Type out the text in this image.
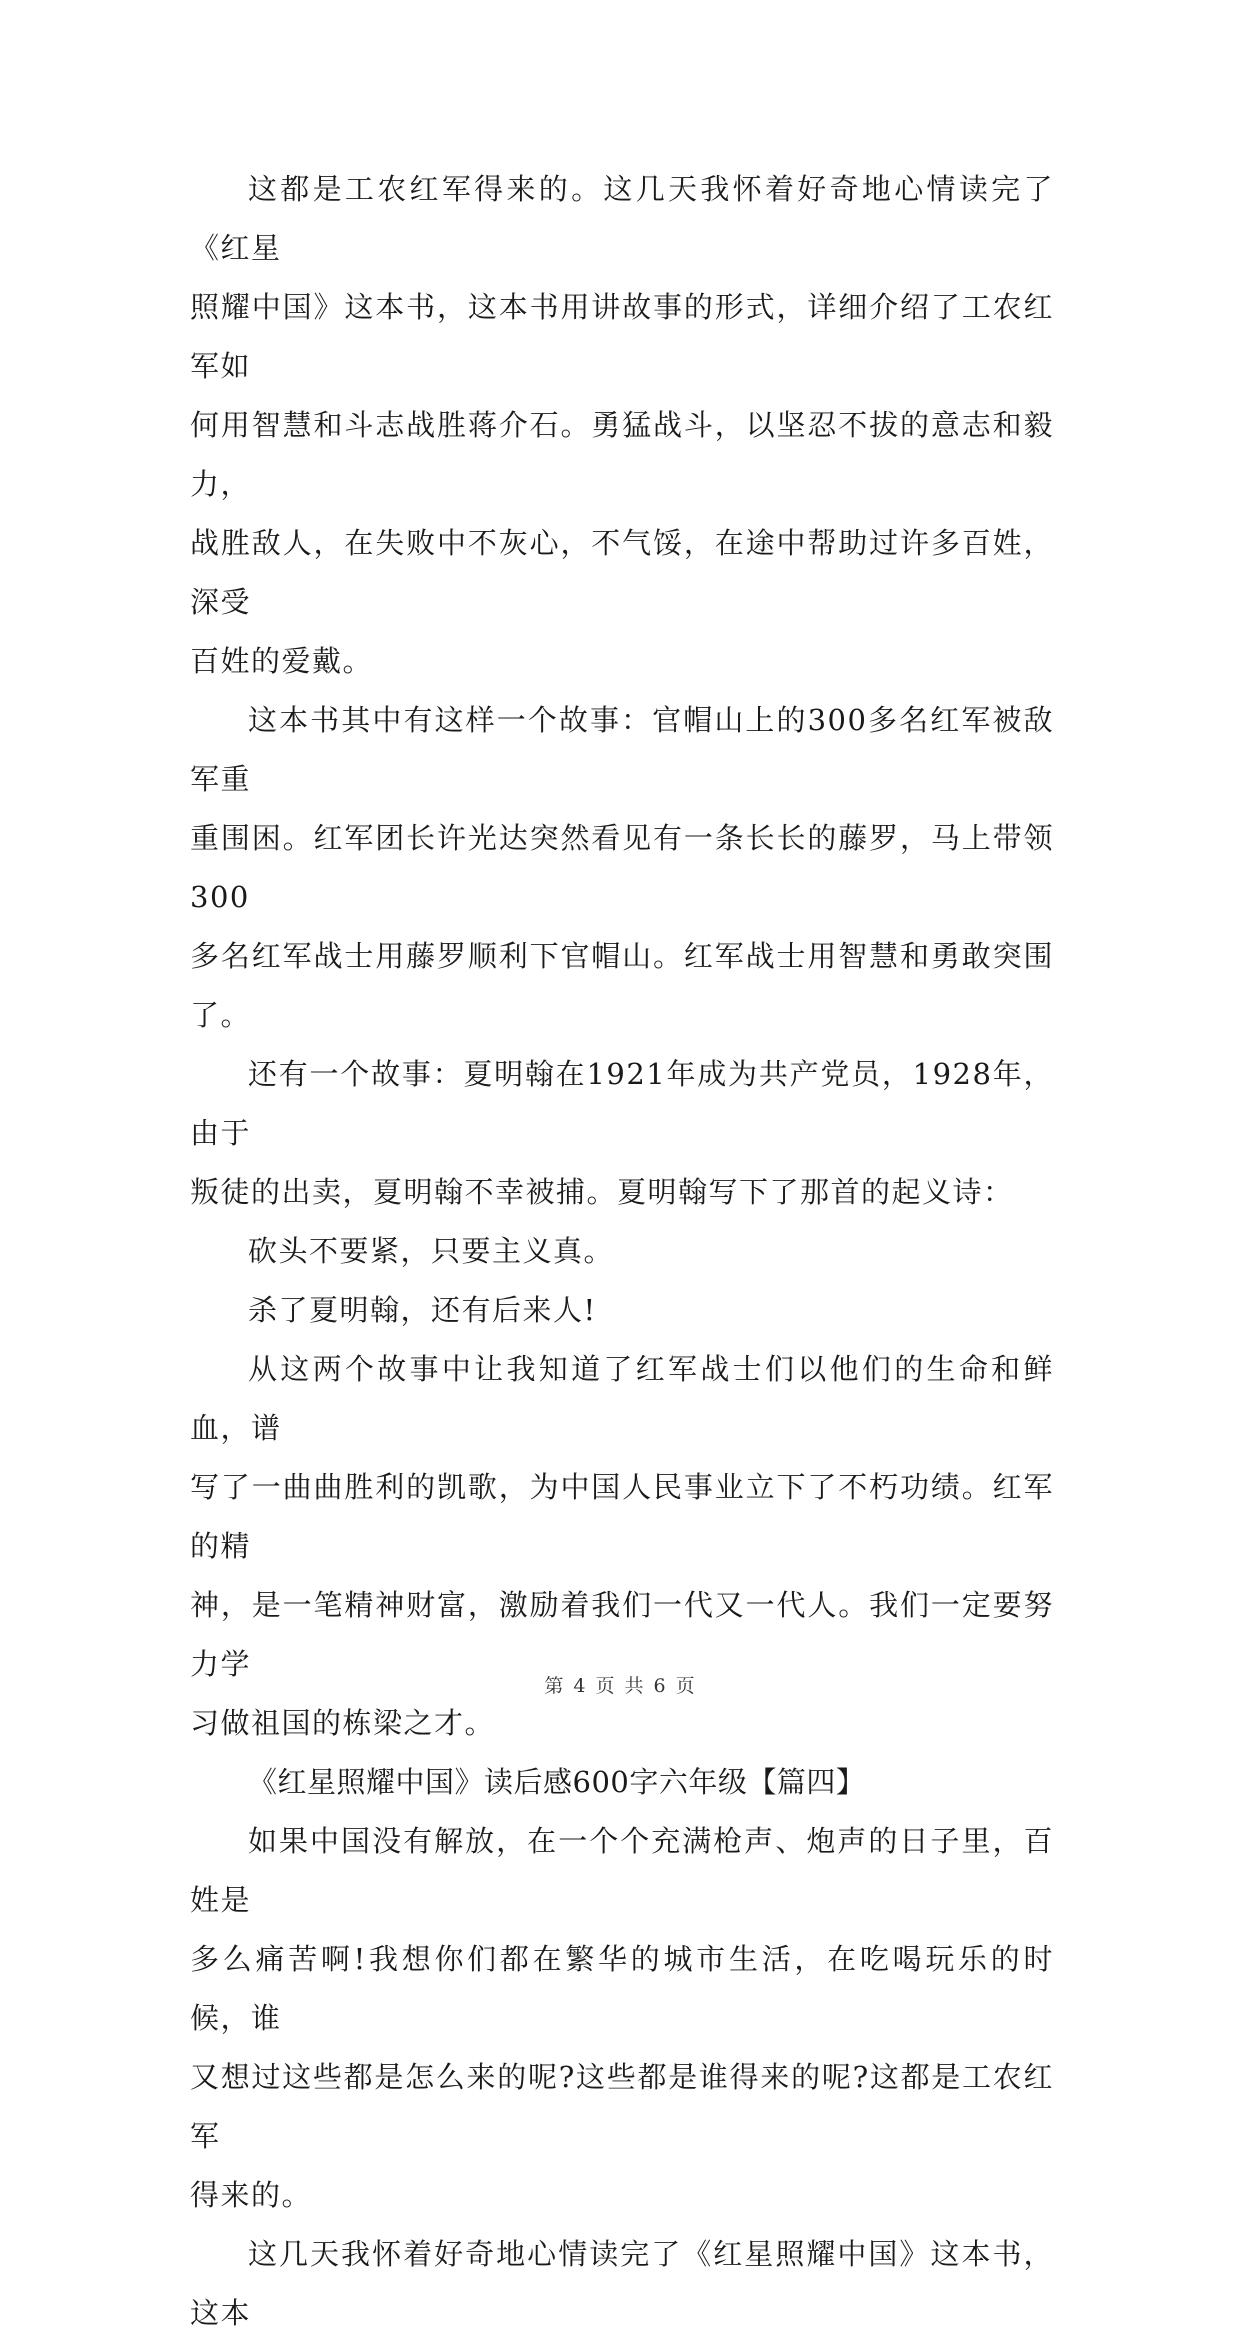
这都是工农红军得来的。这几天我怀着好奇地心情读完了《红星
照耀中国》这本书，这本书用讲故事的形式，详细介绍了工农红军如
何用智慧和斗志战胜蒋介石。勇猛战斗，以坚忍不拔的意志和毅力，
战胜敌人，在失败中不灰心，不气馁，在途中帮助过许多百姓，深受
百姓的爱戴。
这本书其中有这样一个故事：官帽山上的300多名红军被敌军重
重围困。红军团长许光达突然看见有一条长长的藤罗，马上带领300
多名红军战士用藤罗顺利下官帽山。红军战士用智慧和勇敢突围了。
还有一个故事：夏明翰在1921年成为共产党员，1928年，由于
叛徒的出卖，夏明翰不幸被捕。夏明翰写下了那首的起义诗：
砍头不要紧，只要主义真。
杀了夏明翰，还有后来人!
从这两个故事中让我知道了红军战士们以他们的生命和鲜血，谱
写了一曲曲胜利的凯歌，为中国人民事业立下了不朽功绩。红军的精
神，是一笔精神财富，激励着我们一代又一代人。我们一定要努力学
习做祖国的栋梁之才。
《红星照耀中国》读后感600字六年级【篇四】
如果中国没有解放，在一个个充满枪声、炮声的日子里，百姓是
多么痛苦啊!我想你们都在繁华的城市生活，在吃喝玩乐的时候，谁
又想过这些都是怎么来的呢?这些都是谁得来的呢?这都是工农红军
得来的。
这几天我怀着好奇地心情读完了《红星照耀中国》这本书，这本
第 4 页 共 6 页
